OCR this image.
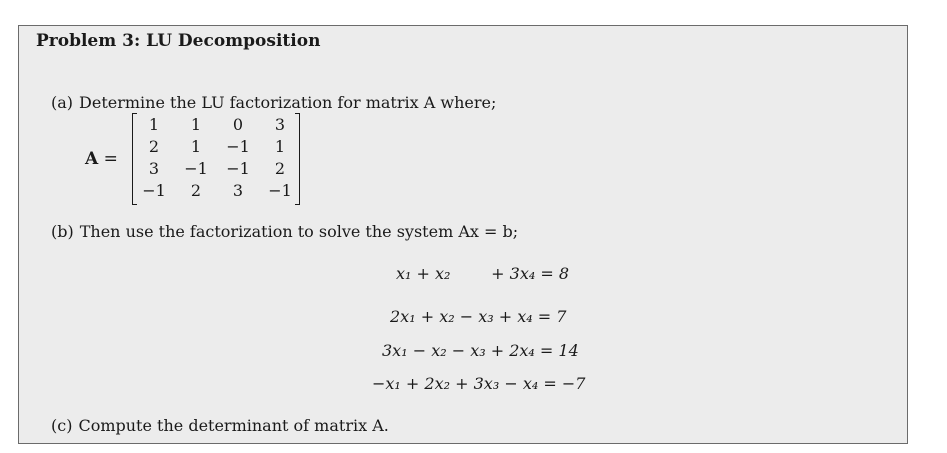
Problem 3: LU Decomposition
(a) Determine the LU factorization for matrix A where;
A =
1	1	0	3
2	1	−1	1
3	−1	−1	2
−1	2	3	−1
(b) Then use the factorization to solve the system Ax = b;
x₁ + x₂        + 3x₄ = 8
2x₁ + x₂ − x₃ + x₄ = 7
3x₁ − x₂ − x₃ + 2x₄ = 14
−x₁ + 2x₂ + 3x₃ − x₄ = −7
(c) Compute the determinant of matrix A.
